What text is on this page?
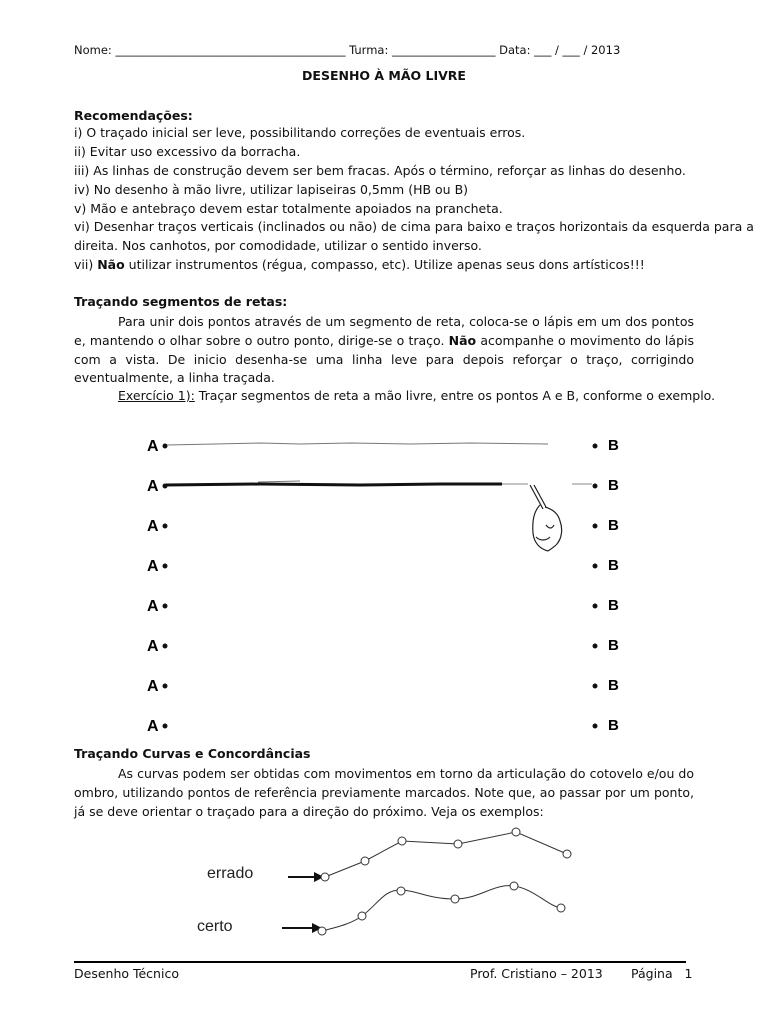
Nome: ________________________________________ Turma: __________________ Data: ___ / ___ / 2013
DESENHO À MÃO LIVRE
Recomendações:
i) O traçado inicial ser leve, possibilitando correções de eventuais erros.
ii) Evitar uso excessivo da borracha.
iii) As linhas de construção devem ser bem fracas. Após o término, reforçar as linhas do desenho.
iv) No desenho à mão livre, utilizar lapiseiras 0,5mm (HB ou B)
v) Mão e antebraço devem estar totalmente apoiados na prancheta.
vi) Desenhar traços verticais (inclinados ou não) de cima para baixo e traços horizontais da esquerda para a
direita. Nos canhotos, por comodidade, utilizar o sentido inverso.
vii) Não utilizar instrumentos (régua, compasso, etc). Utilize apenas seus dons artísticos!!!
Traçando segmentos de retas:
Para unir dois pontos através de um segmento de reta, coloca-se o lápis em um dos pontos e, mantendo o olhar sobre o outro ponto, dirige-se o traço. Não acompanhe o movimento do lápis com a vista. De inicio desenha-se uma linha leve para depois reforçar o traço, corrigindo eventualmente, a linha traçada.
Exercício 1): Traçar segmentos de reta a mão livre, entre os pontos A e B, conforme o exemplo.
A	B
A	B
A	B
A	B
A	B
A	B
A	B
A	B
Traçando Curvas e Concordâncias
As curvas podem ser obtidas com movimentos em torno da articulação do cotovelo e/ou do ombro, utilizando pontos de referência previamente marcados. Note que, ao passar por um ponto, já se deve orientar o traçado para a direção do próximo. Veja os exemplos:
errado
certo
Desenho Técnico	Prof. Cristiano – 2013 Página   1
